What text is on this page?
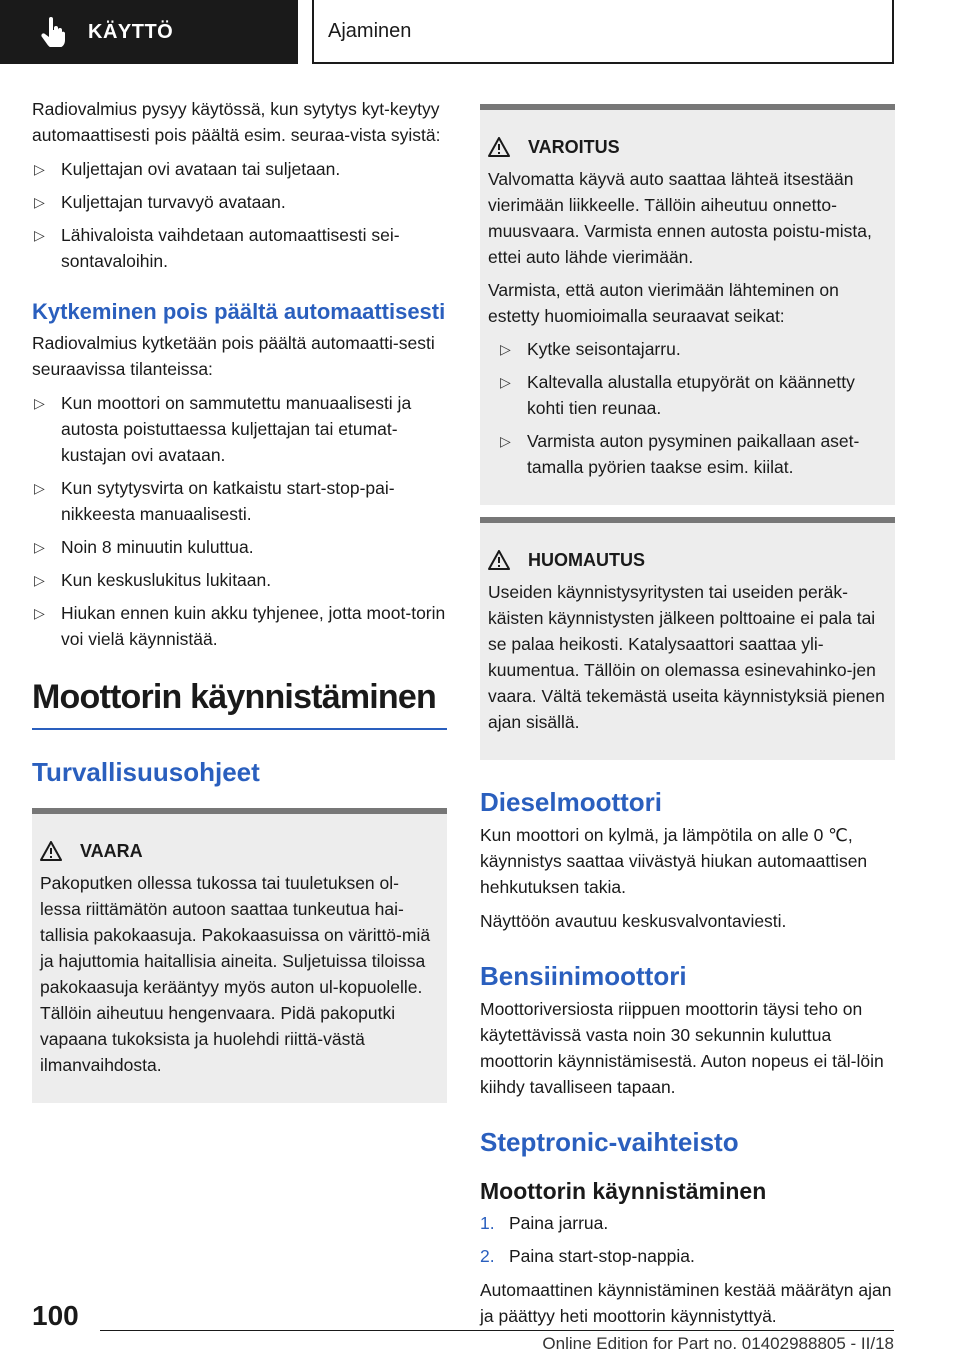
KÄYTTÖ	Ajaminen

Radiovalmius pysyy käytössä, kun sytytys kyt-keytyy automaattisesti pois päältä esim. seuraa-vista syistä:

▷ Kuljettajan ovi avataan tai suljetaan.
▷ Kuljettajan turvavyö avataan.
▷ Lähivaloista vaihdetaan automaattisesti sei-sontavaloihin.
Kytkeminen pois päältä automaattisesti

Radiovalmius kytketään pois päältä automaatti-sesti seuraavissa tilanteissa:

▷ Kun moottori on sammutettu manuaalisesti ja autosta poistuttaessa kuljettajan tai etumat-kustajan ovi avataan.
▷ Kun sytytysvirta on katkaistu start-stop-pai-nikkeesta manuaalisesti.
▷ Noin 8 minuutin kuluttua.
▷ Kun keskuslukitus lukitaan.
▷ Hiukan ennen kuin akku tyhjenee, jotta moot-torin voi vielä käynnistää.
Moottorin käynnistäminen
Turvallisuusohjeet
VAARA

Pakoputken ollessa tukossa tai tuuletuksen ol-lessa riittämätön autoon saattaa tunkeutua hai-tallisia pakokaasuja. Pakokaasuissa on värittö-miä ja hajuttomia haitallisia aineita. Suljetuissa tiloissa pakokaasuja kerääntyy myös auton ul-kopuolelle. Tällöin aiheutuu hengenvaara. Pidä pakoputki vapaana tukoksista ja huolehdi riittä-västä ilmanvaihdosta.

VAROITUS

Valvomatta käyvä auto saattaa lähteä itsestään vierimään liikkeelle. Tällöin aiheutuu onnetto-muusvaara. Varmista ennen autosta poistu-mista, ettei auto lähde vierimään.

Varmista, että auton vierimään lähteminen on estetty huomioimalla seuraavat seikat:

▷ Kytke seisontajarru.
▷ Kaltevalla alustalla etupyörät on käännetty kohti tien reunaa.
▷ Varmista auton pysyminen paikallaan aset-tamalla pyörien taakse esim. kiilat.
HUOMAUTUS

Useiden käynnistysyritysten tai useiden peräk-käisten käynnistysten jälkeen polttoaine ei pala tai se palaa heikosti. Katalysaattori saattaa yli-kuumentua. Tällöin on olemassa esinevahinko-jen vaara. Vältä tekemästä useita käynnistyksiä pienen ajan sisällä.

Dieselmoottori

Kun moottori on kylmä, ja lämpötila on alle 0 ℃, käynnistys saattaa viivästyä hiukan automaattisen hehkutuksen takia.

Näyttöön avautuu keskusvalvontaviesti.

Bensiinimoottori

Moottoriversiosta riippuen moottorin täysi teho on käytettävissä vasta noin 30 sekunnin kuluttua moottorin käynnistämisestä. Auton nopeus ei täl-löin kiihdy tavalliseen tapaan.

Steptronic-vaihteisto
Moottorin käynnistäminen
1. Paina jarrua.
2. Paina start-stop-nappia.

Automaattinen käynnistäminen kestää määrätyn ajan ja päättyy heti moottorin käynnistyttyä.

100
Online Edition for Part no. 01402988805 - II/18
